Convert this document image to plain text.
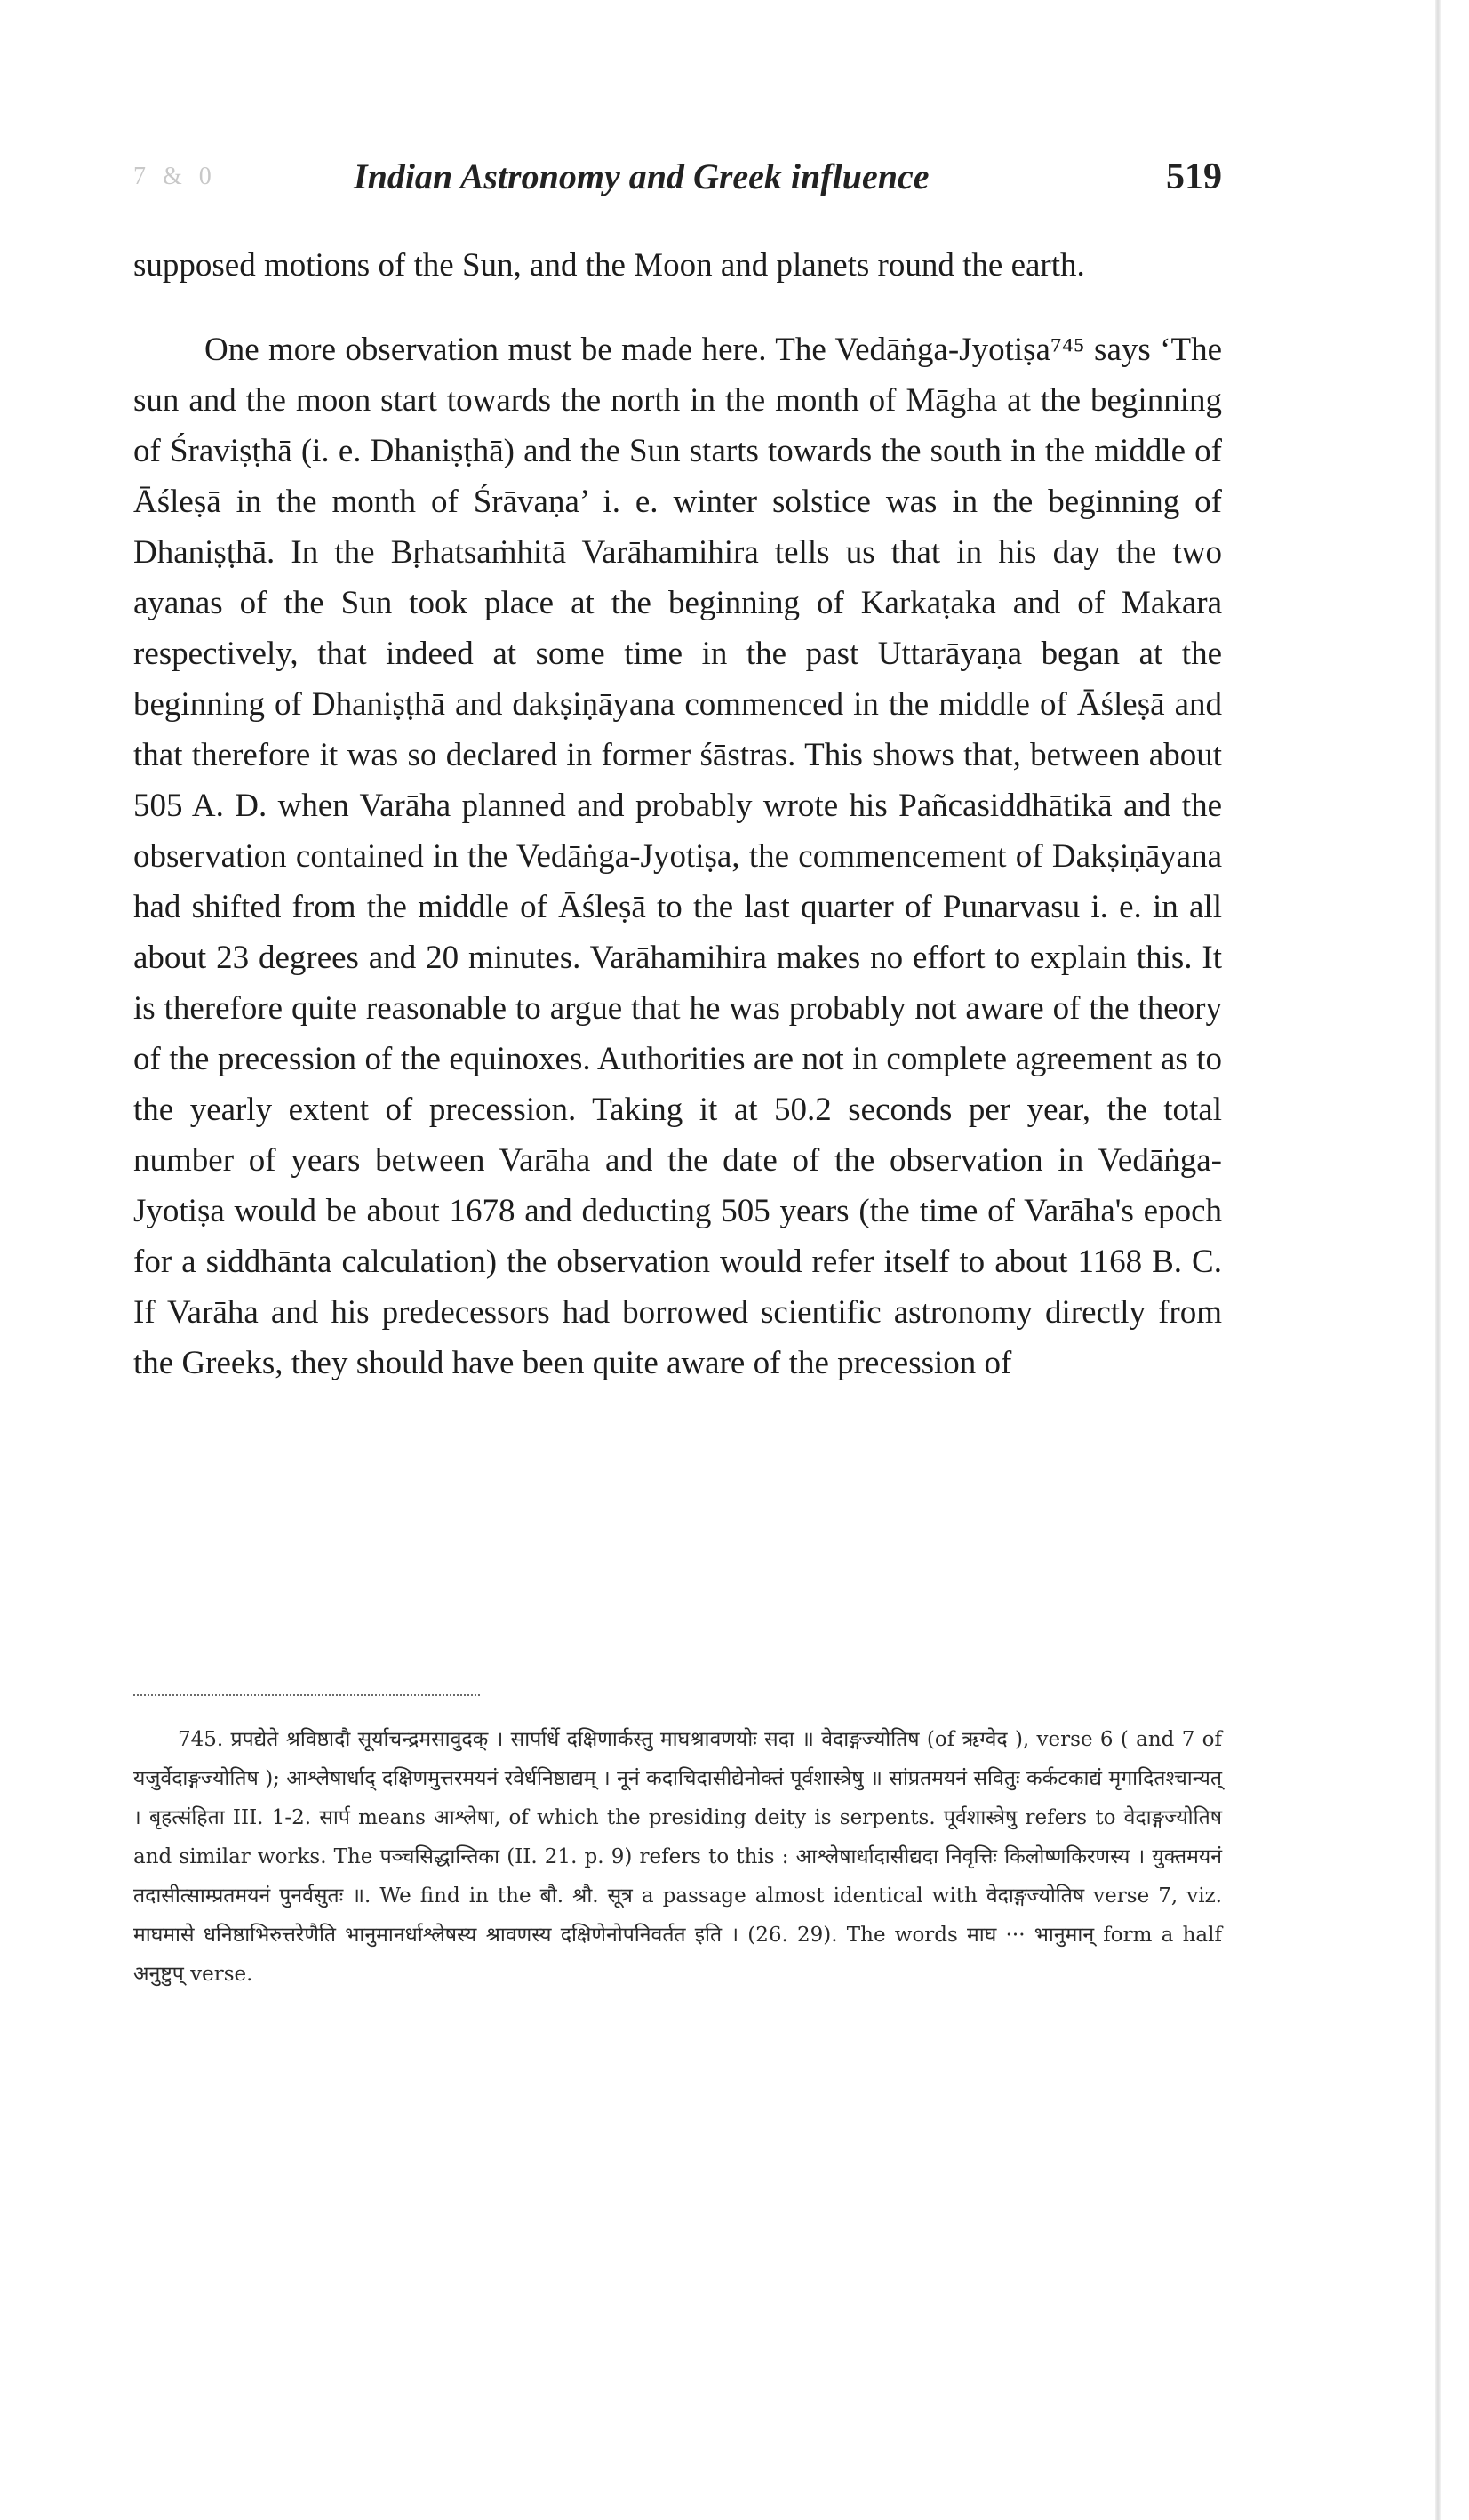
7 & 0	Indian Astronomy and Greek influence	519

supposed motions of the Sun, and the Moon and planets round the earth.

One more observation must be made here. The Vedāṅga-Jyotiṣa⁷⁴⁵ says ‘The sun and the moon start towards the north in the month of Māgha at the beginning of Śraviṣṭhā (i. e. Dhaniṣṭhā) and the Sun starts towards the south in the middle of Āśleṣā in the month of Śrāvaṇa’ i. e. winter solstice was in the beginning of Dhaniṣṭhā. In the Bṛhatsaṁhitā Varāhamihira tells us that in his day the two ayanas of the Sun took place at the beginning of Karkaṭaka and of Makara respectively, that indeed at some time in the past Uttarāyaṇa began at the beginning of Dhaniṣṭhā and dakṣiṇāyana commenced in the middle of Āśleṣā and that therefore it was so declared in former śāstras. This shows that, between about 505 A. D. when Varāha planned and probably wrote his Pañcasiddhātikā and the observation contained in the Vedāṅga-Jyotiṣa, the commencement of Dakṣiṇāyana had shifted from the middle of Āśleṣā to the last quarter of Punarvasu i. e. in all about 23 degrees and 20 minutes. Varāhamihira makes no effort to explain this. It is therefore quite reasonable to argue that he was probably not aware of the theory of the precession of the equinoxes. Authorities are not in complete agreement as to the yearly extent of precession. Taking it at 50.2 seconds per year, the total number of years between Varāha and the date of the observation in Vedāṅga-Jyotiṣa would be about 1678 and deducting 505 years (the time of Varāha's epoch for a siddhānta calculation) the observation would refer itself to about 1168 B. C. If Varāha and his predecessors had borrowed scientific astronomy directly from the Greeks, they should have been quite aware of the precession of

745. प्रपद्येते श्रविष्ठादौ सूर्याचन्द्रमसावुदक् । सार्पार्धे दक्षिणार्कस्तु माघश्रावणयोः सदा ॥ वेदाङ्गज्योतिष (of ऋग्वेद ), verse 6 ( and 7 of यजुर्वेदाङ्गज्योतिष ); आश्लेषार्धाद् दक्षिणमुत्तरमयनं रवेर्धनिष्ठाद्यम् । नूनं कदाचिदासीद्येनोक्तं पूर्वशास्त्रेषु ॥ सांप्रतमयनं सवितुः कर्कटकाद्यं मृगादितश्चान्यत् । बृहत्संहिता III. 1-2. सार्प means आश्लेषा, of which the presiding deity is serpents. पूर्वशास्त्रेषु refers to वेदाङ्गज्योतिष and similar works. The पञ्चसिद्धान्तिका (II. 21. p. 9) refers to this : आश्लेषार्धादासीद्यदा निवृत्तिः किलोष्णकिरणस्य । युक्तमयनं तदासीत्साम्प्रतमयनं पुनर्वसुतः ॥. We find in the बौ. श्रौ. सूत्र a passage almost identical with वेदाङ्गज्योतिष verse 7, viz. माघमासे धनिष्ठाभिरुत्तरेणैति भानुमानर्धाश्लेषस्य श्रावणस्य दक्षिणेनोपनिवर्तत इति । (26. 29). The words माघ ··· भानुमान् form a half अनुष्टुप् verse.
